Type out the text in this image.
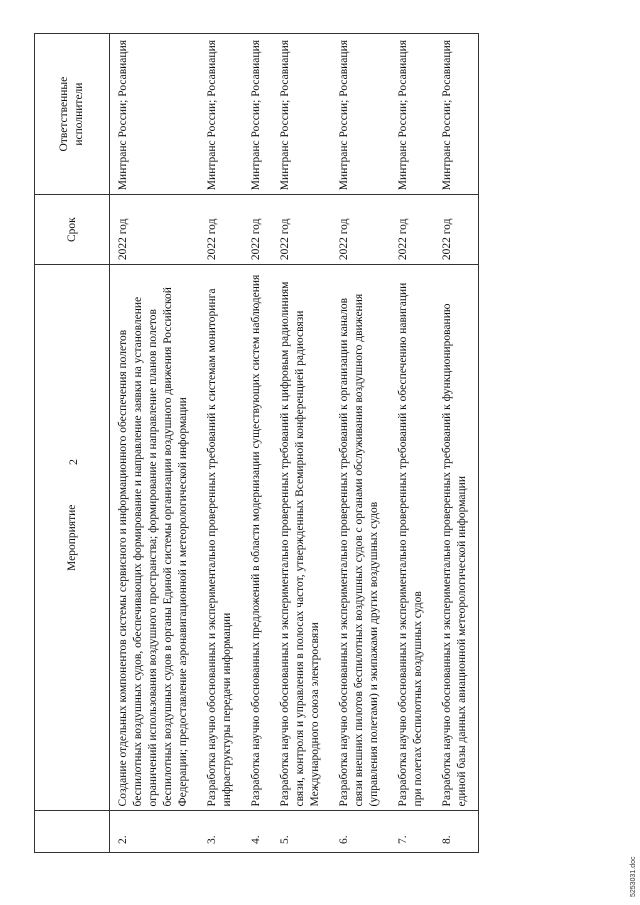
2
	Мероприятие	Срок	Ответственные исполнители

2.	Создание отдельных компонентов системы сервисного и информационного обеспечения полетов беспилотных воздушных судов, обеспечивающих формирование и направление заявки на установление ограничений использования воздушного пространства; формирование и направление планов полетов беспилотных воздушных судов в органы Единой системы организации воздушного движения Российской Федерации; предоставление аэронавигационной и метеорологической информации	2022 год	Минтранс России; Росавиация
3.	Разработка научно обоснованных и экспериментально проверенных требований к системам мониторинга инфраструктуры передачи информации	2022 год	Минтранс России; Росавиация
4.	Разработка научно обоснованных предложений в области модернизации существующих систем наблюдения	2022 год	Минтранс России; Росавиация
5.	Разработка научно обоснованных и экспериментально проверенных требований к цифровым радиолиниям связи, контроля и управления в полосах частот, утвержденных Всемирной конференцией радиосвязи Международного союза электросвязи	2022 год	Минтранс России; Росавиация
6.	Разработка научно обоснованных и экспериментально проверенных требований к организации каналов связи внешних пилотов беспилотных воздушных судов с органами обслуживания воздушного движения (управления полетами) и экипажами других воздушных судов	2022 год	Минтранс России; Росавиация
7.	Разработка научно обоснованных и экспериментально проверенных требований к обеспечению навигации при полетах беспилотных воздушных судов	2022 год	Минтранс России; Росавиация
8.	Разработка научно обоснованных и экспериментально проверенных требований к функционированию единой базы данных авиационной метеорологической информации	2022 год	Минтранс России; Росавиация
5253031.doc
